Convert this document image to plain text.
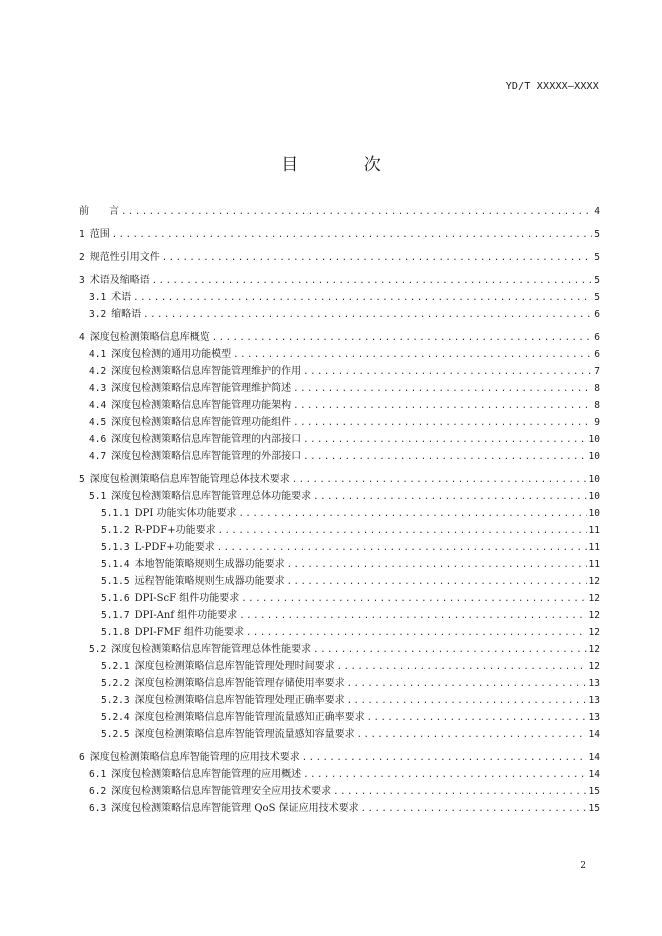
YD/T XXXXX—XXXX
目 次
前　　言 .....	4
1 范围 .....	5
2 规范性引用文件 .....	5
3 术语及缩略语 .....	5
3.1 术语 .....	5
3.2 缩略语 .....	6
4 深度包检测策略信息库概览 .....	6
4.1 深度包检测的通用功能模型 .....	6
4.2 深度包检测策略信息库智能管理维护的作用 .....	7
4.3 深度包检测策略信息库智能管理维护简述 .....	8
4.4 深度包检测策略信息库智能管理功能架构 .....	8
4.5 深度包检测策略信息库智能管理功能组件 .....	9
4.6 深度包检测策略信息库智能管理的内部接口 .....	10
4.7 深度包检测策略信息库智能管理的外部接口 .....	10
5 深度包检测策略信息库智能管理总体技术要求 .....	10
5.1 深度包检测策略信息库智能管理总体功能要求 .....	10
5.1.1 DPI 功能实体功能要求 .....	10
5.1.2 R-PDF+功能要求 .....	11
5.1.3 L-PDF+功能要求 .....	11
5.1.4 本地智能策略规则生成器功能要求 .....	11
5.1.5 远程智能策略规则生成器功能要求 .....	12
5.1.6 DPI-ScF 组件功能要求 .....	12
5.1.7 DPI-Anf 组件功能要求 .....	12
5.1.8 DPI-FMF 组件功能要求 .....	12
5.2 深度包检测策略信息库智能管理总体性能要求 .....	12
5.2.1 深度包检测策略信息库智能管理处理时间要求 .....	12
5.2.2 深度包检测策略信息库智能管理存储使用率要求 .....	13
5.2.3 深度包检测策略信息库智能管理处理正确率要求 .....	13
5.2.4 深度包检测策略信息库智能管理流量感知正确率要求 .....	13
5.2.5 深度包检测策略信息库智能管理流量感知容量要求 .....	14
6 深度包检测策略信息库智能管理的应用技术要求 .....	14
6.1 深度包检测策略信息库智能管理的应用概述 .....	14
6.2 深度包检测策略信息库智能管理安全应用技术要求 .....	15
6.3 深度包检测策略信息库智能管理 QoS 保证应用技术要求 .....	15
2
